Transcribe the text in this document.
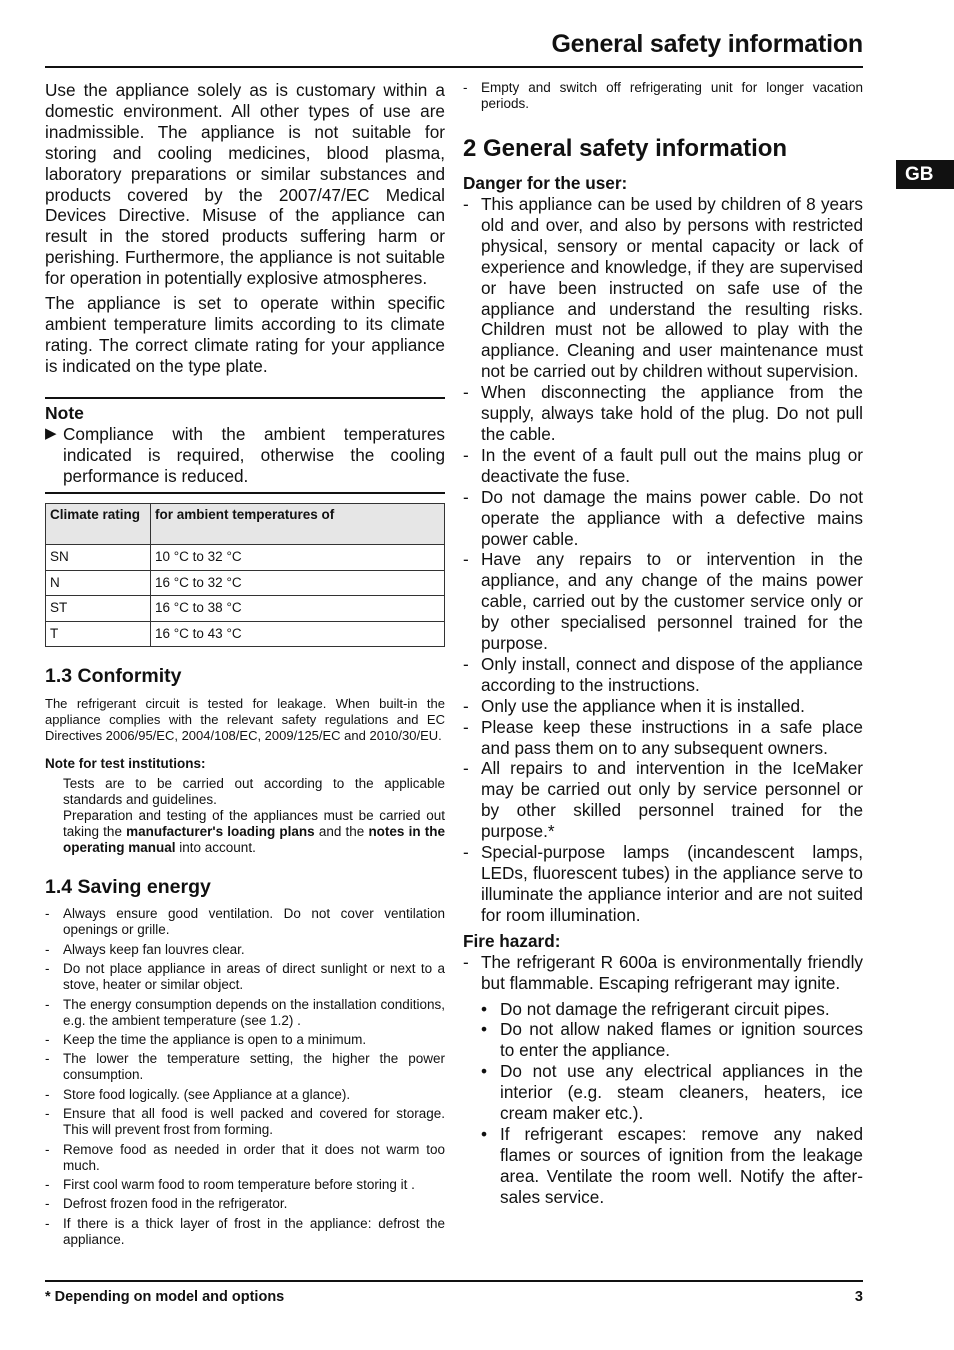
General safety information
GB

Use the appliance solely as is customary within a domestic environment. All other types of use are inadmissible. The appliance is not suitable for storing and cooling medicines, blood plasma, laboratory preparations or similar substances and products covered by the 2007/47/EC Medical Devices Directive. Misuse of the appliance can result in the stored products suffering harm or perishing. Furthermore, the appliance is not suitable for operation in potentially explosive atmospheres.

The appliance is set to operate within specific ambient temperature limits according to its climate rating. The correct climate rating for your appliance is indicated on the type plate.

Note
▶ Compliance with the ambient temperatures indicated is required, otherwise the cooling performance is reduced.
Climate rating	for ambient temperatures of
SN	10 °C to 32 °C
N	16 °C to 32 °C
ST	16 °C to 38 °C
T	16 °C to 43 °C
1.3 Conformity

The refrigerant circuit is tested for leakage. When built-in the appliance complies with the relevant safety regulations and EC Directives 2006/95/EC, 2004/108/EC, 2009/125/EC and 2010/30/EU.

Note for test institutions:

Tests are to be carried out according to the applicable standards and guidelines.

Preparation and testing of the appliances must be carried out taking the manufacturer's loading plans and the notes in the operating manual into account.

1.4 Saving energy
- Always ensure good ventilation. Do not cover ventilation openings or grille.
- Always keep fan louvres clear.
- Do not place appliance in areas of direct sunlight or next to a stove, heater or similar object.
- The energy consumption depends on the installation conditions, e.g. the ambient temperature (see 1.2) .
- Keep the time the appliance is open to a minimum.
- The lower the temperature setting, the higher the power consumption.
- Store food logically. (see Appliance at a glance).
- Ensure that all food is well packed and covered for storage. This will prevent frost from forming.
- Remove food as needed in order that it does not warm too much.
- First cool warm food to room temperature before storing it .
- Defrost frozen food in the refrigerator.
- If there is a thick layer of frost in the appliance: defrost the appliance.
- Empty and switch off refrigerating unit for longer vacation periods.
2 General safety information
Danger for the user:
- This appliance can be used by children of 8 years old and over, and also by persons with restricted physical, sensory or mental capacity or lack of experience and knowledge, if they are supervised or have been instructed on safe use of the appliance and understand the resulting risks. Children must not be allowed to play with the appliance. Cleaning and user maintenance must not be carried out by children without supervision.
- When disconnecting the appliance from the supply, always take hold of the plug. Do not pull the cable.
- In the event of a fault pull out the mains plug or deactivate the fuse.
- Do not damage the mains power cable. Do not operate the appliance with a defective mains power cable.
- Have any repairs to or intervention in the appliance, and any change of the mains power cable, carried out by the customer service only or by other specialised personnel trained for the purpose.
- Only install, connect and dispose of the appliance according to the instructions.
- Only use the appliance when it is installed.
- Please keep these instructions in a safe place and pass them on to any subsequent owners.
- All repairs to and intervention in the IceMaker may be carried out only by service personnel or by other skilled personnel trained for the purpose.*
- Special-purpose lamps (incandescent lamps, LEDs, fluorescent tubes) in the appliance serve to illuminate the appliance interior and are not suited for room illumination.
Fire hazard:
- The refrigerant R 600a is environmentally friendly but flammable. Escaping refrigerant may ignite.
• Do not damage the refrigerant circuit pipes.
• Do not allow naked flames or ignition sources to enter the appliance.
• Do not use any electrical appliances in the interior (e.g. steam cleaners, heaters, ice cream maker etc.).
• If refrigerant escapes: remove any naked flames or sources of ignition from the leakage area. Ventilate the room well. Notify the after-sales service.
* Depending on model and options	3
